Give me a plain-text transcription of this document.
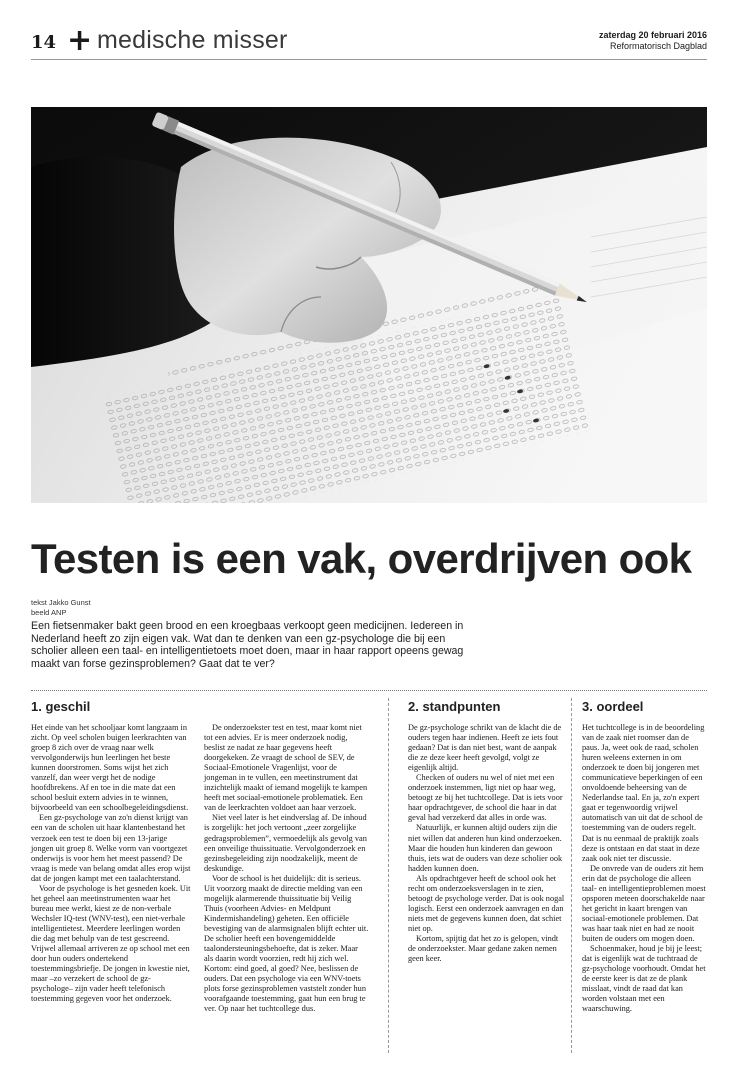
14 + medische misser	zaterdag 20 februari 2016
Reformatorisch Dagblad
Testen is een vak, overdrijven ook
tekst Jakko Gunst
beeld ANP

Een fietsenmaker bakt geen brood en een kroegbaas verkoopt geen medicijnen. Iedereen in Nederland heeft zo zijn eigen vak. Wat dan te denken van een gz-psychologe die bij een scholier alleen een taal- en intelligentietoets moet doen, maar in haar rapport opeens gewag maakt van forse gezinsproblemen? Gaat dat te ver?

1. geschil

Het einde van het schooljaar komt langzaam in zicht. Op veel scholen buigen leerkrachten van groep 8 zich over de vraag naar welk vervolgonderwijs hun leerlingen het beste kunnen doorstromen. Soms wijst het zich vanzelf, dan weer vergt het de nodige hoofdbrekens. Af en toe in die mate dat een school besluit extern advies in te winnen, bijvoorbeeld van een schoolbegeleidingsdienst.

Een gz-psychologe van zo'n dienst krijgt van een van de scholen uit haar klantenbestand het verzoek een test te doen bij een 13-jarige jongen uit groep 8. Welke vorm van voortgezet onderwijs is voor hem het meest passend? De vraag is mede van belang omdat alles erop wijst dat de jongen kampt met een taalachterstand.

Voor de psychologe is het gesneden koek. Uit het geheel aan meetinstrumenten waar het bureau mee werkt, kiest ze de non-verbale Wechsler IQ-test (WNV-test), een niet-verbale intelligentietest. Meerdere leerlingen worden die dag met behulp van de test gescreend. Vrijwel allemaal arriveren ze op school met een door hun ouders ondertekend toestemmingsbriefje. De jongen in kwestie niet, maar –zo verzekert de school de gz-psychologe– zijn vader heeft telefonisch toestemming gegeven voor het onderzoek.

De onderzoekster test en test, maar komt niet tot een advies. Er is meer onderzoek nodig, beslist ze nadat ze haar gegevens heeft doorgekeken. Ze vraagt de school de SEV, de Sociaal-Emotionele Vragenlijst, voor de jongeman in te vullen, een meetinstrument dat inzichtelijk maakt of iemand mogelijk te kampen heeft met sociaal-emotionele problematiek. Een van de leerkrachten voldoet aan haar verzoek.

Niet veel later is het eindverslag af. De inhoud is zorgelijk: het joch vertoont „zeer zorgelijke gedragsproblemen”, vermoedelijk als gevolg van een onveilige thuissituatie. Vervolgonderzoek en gezinsbegeleiding zijn noodzakelijk, meent de deskundige.

Voor de school is het duidelijk: dit is serieus. Uit voorzorg maakt de directie melding van een mogelijk alarmerende thuissituatie bij Veilig Thuis (voorheen Advies- en Meldpunt Kindermishandeling) geheten. Een officiële bevestiging van de alarmsignalen blijft echter uit. De scholier heeft een bovengemiddelde taalondersteuningsbehoefte, dat is zeker. Maar als daarin wordt voorzien, redt hij zich wel. Kortom: eind goed, al goed? Nee, beslissen de ouders. Dat een psychologe via een WNV-toets plots forse gezinsproblemen vaststelt zonder hun voorafgaande toestemming, gaat hun een brug te ver. Op naar het tuchtcollege dus.

2. standpunten

De gz-psychologe schrikt van de klacht die de ouders tegen haar indienen. Heeft ze iets fout gedaan? Dat is dan niet best, want de aanpak die ze deze keer heeft gevolgd, volgt ze eigenlijk altijd.

Checken of ouders nu wel of niet met een onderzoek instemmen, ligt niet op haar weg, betoogt ze bij het tuchtcollege. Dat is iets voor haar opdrachtgever, de school die haar in dat geval had verzekerd dat alles in orde was.

Natuurlijk, er kunnen altijd ouders zijn die niet willen dat anderen hun kind onderzoeken. Maar die houden hun kinderen dan gewoon thuis, iets wat de ouders van deze scholier ook hadden kunnen doen.

Als opdrachtgever heeft de school ook het recht om onderzoeksverslagen in te zien, betoogt de psychologe verder. Dat is ook nogal logisch. Eerst een onderzoek aanvragen en dan niets met de gegevens kunnen doen, dat schiet niet op.

Kortom, spijtig dat het zo is gelopen, vindt de onderzoekster. Maar gedane zaken nemen geen keer.

3. oordeel

Het tuchtcollege is in de beoordeling van de zaak niet roomser dan de paus. Ja, weet ook de raad, scholen huren weleens externen in om onderzoek te doen bij jongeren met communicatieve beperkingen of een onvoldoende beheersing van de Nederlandse taal. En ja, zo'n expert gaat er tegenwoordig vrijwel automatisch van uit dat de school de toestemming van de ouders regelt. Dat is nu eenmaal de praktijk zoals deze is ontstaan en dat staat in deze zaak ook niet ter discussie.

De onvrede van de ouders zit hem erin dat de psychologe die alleen taal- en intelligentieproblemen moest opsporen meteen doorschakelde naar het gericht in kaart brengen van sociaal-emotionele problemen. Dat was haar taak niet en had ze nooit buiten de ouders om mogen doen.

Schoenmaker, houd je bij je leest; dat is eigenlijk wat de tuchtraad de gz-psychologe voorhoudt. Omdat het de eerste keer is dat ze de plank misslaat, vindt de raad dat kan worden volstaan met een waarschuwing.
